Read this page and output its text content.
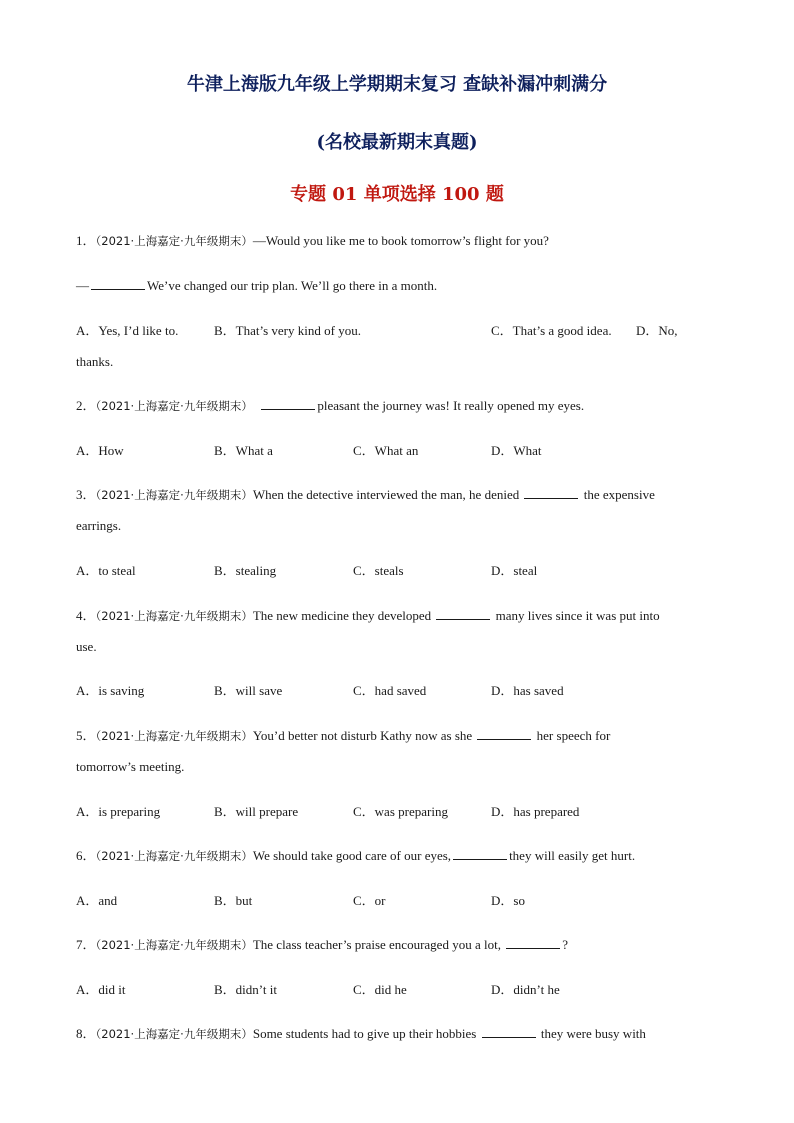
牛津上海版九年级上学期期末复习 查缺补漏冲刺满分
(名校最新期末真题)
专题 01 单项选择 100 题
1．（2021·上海嘉定·九年级期末）—Would you like me to book tomorrow’s flight for you?
—	We’ve changed our trip plan. We’ll go there in a month.
A．Yes, I’d like to.	B．That’s very kind of you.	C．That’s a good idea. D．No,
thanks.
2．（2021·上海嘉定·九年级期末）	pleasant the journey was! It really opened my eyes.
A．How	B．What a	C．What an	D．What
3．（2021·上海嘉定·九年级期末）When the detective interviewed the man, he denied	the expensive
earrings.
A．to steal	B．stealing	C．steals	D．steal
4．（2021·上海嘉定·九年级期末）The new medicine they developed	many lives since it was put into
use.
A．is saving	B．will save	C．had saved	D．has saved
5．（2021·上海嘉定·九年级期末）You’d better not disturb Kathy now as she	her speech for
tomorrow’s meeting.
A．is preparing	B．will prepare	C．was preparing	D．has prepared
6．（2021·上海嘉定·九年级期末）We should take good care of our eyes,	they will easily get hurt.
A．and	B．but	C．or	D．so
7．（2021·上海嘉定·九年级期末）The class teacher’s praise encouraged you a lot,	?
A．did it	B．didn’t it	C．did he	D．didn’t he
8．（2021·上海嘉定·九年级期末）Some students had to give up their hobbies	they were busy with
